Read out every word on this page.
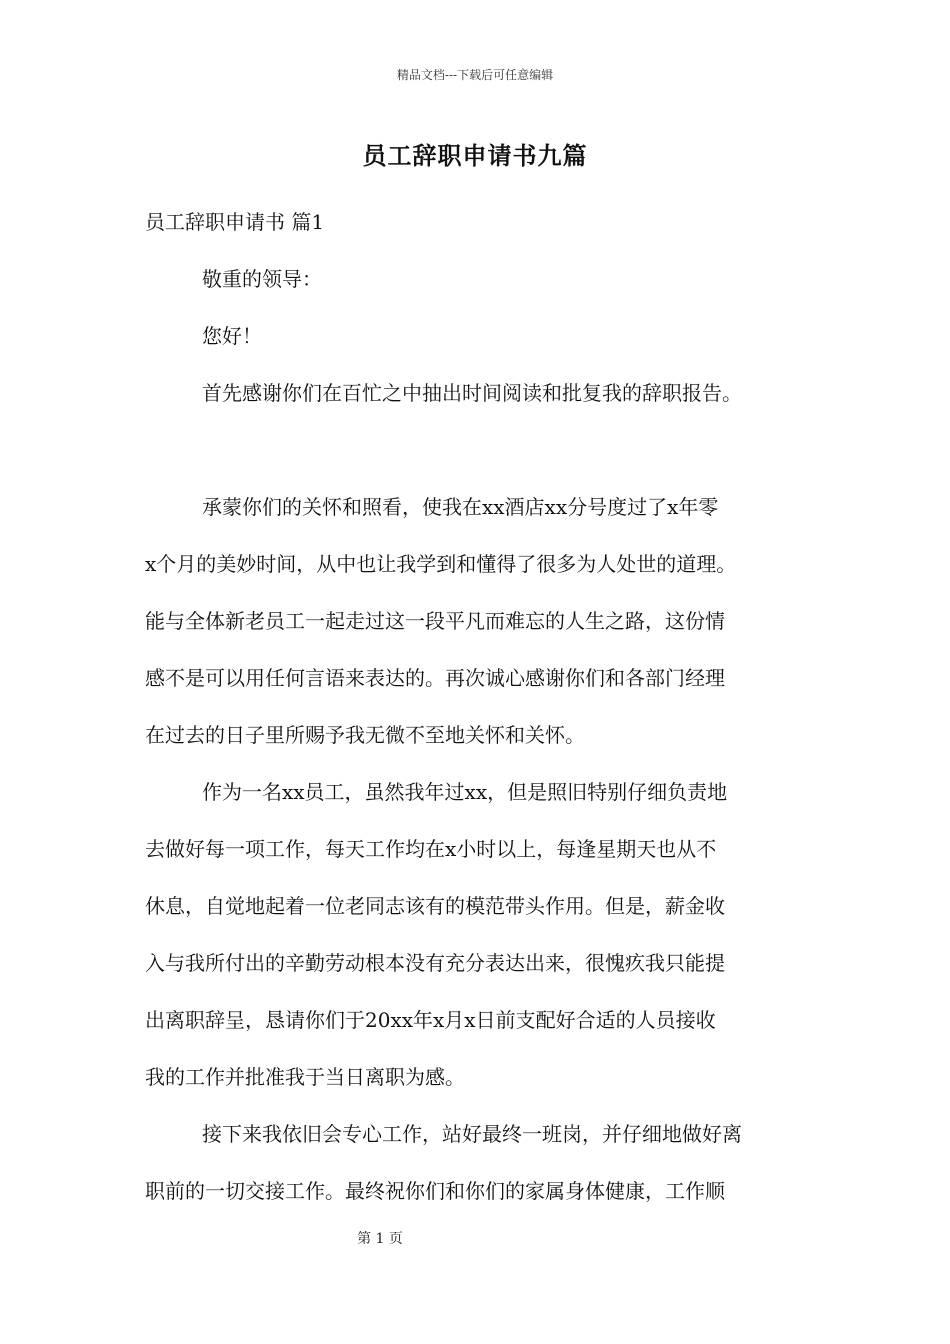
精品文档---下载后可任意编辑
员工辞职申请书九篇
员工辞职申请书 篇1
敬重的领导：
您好！
首先感谢你们在百忙之中抽出时间阅读和批复我的辞职报告。
承蒙你们的关怀和照看，使我在xx酒店xx分号度过了x年零
x个月的美妙时间，从中也让我学到和懂得了很多为人处世的道理。
能与全体新老员工一起走过这一段平凡而难忘的人生之路，这份情
感不是可以用任何言语来表达的。再次诚心感谢你们和各部门经理
在过去的日子里所赐予我无微不至地关怀和关怀。
作为一名xx员工，虽然我年过xx，但是照旧特别仔细负责地
去做好每一项工作，每天工作均在x小时以上，每逢星期天也从不
休息，自觉地起着一位老同志该有的模范带头作用。但是，薪金收
入与我所付出的辛勤劳动根本没有充分表达出来，很愧疚我只能提
出离职辞呈，恳请你们于20xx年x月x日前支配好合适的人员接收
我的工作并批准我于当日离职为感。
接下来我依旧会专心工作，站好最终一班岗，并仔细地做好离
职前的一切交接工作。最终祝你们和你们的家属身体健康，工作顺
第 1 页
